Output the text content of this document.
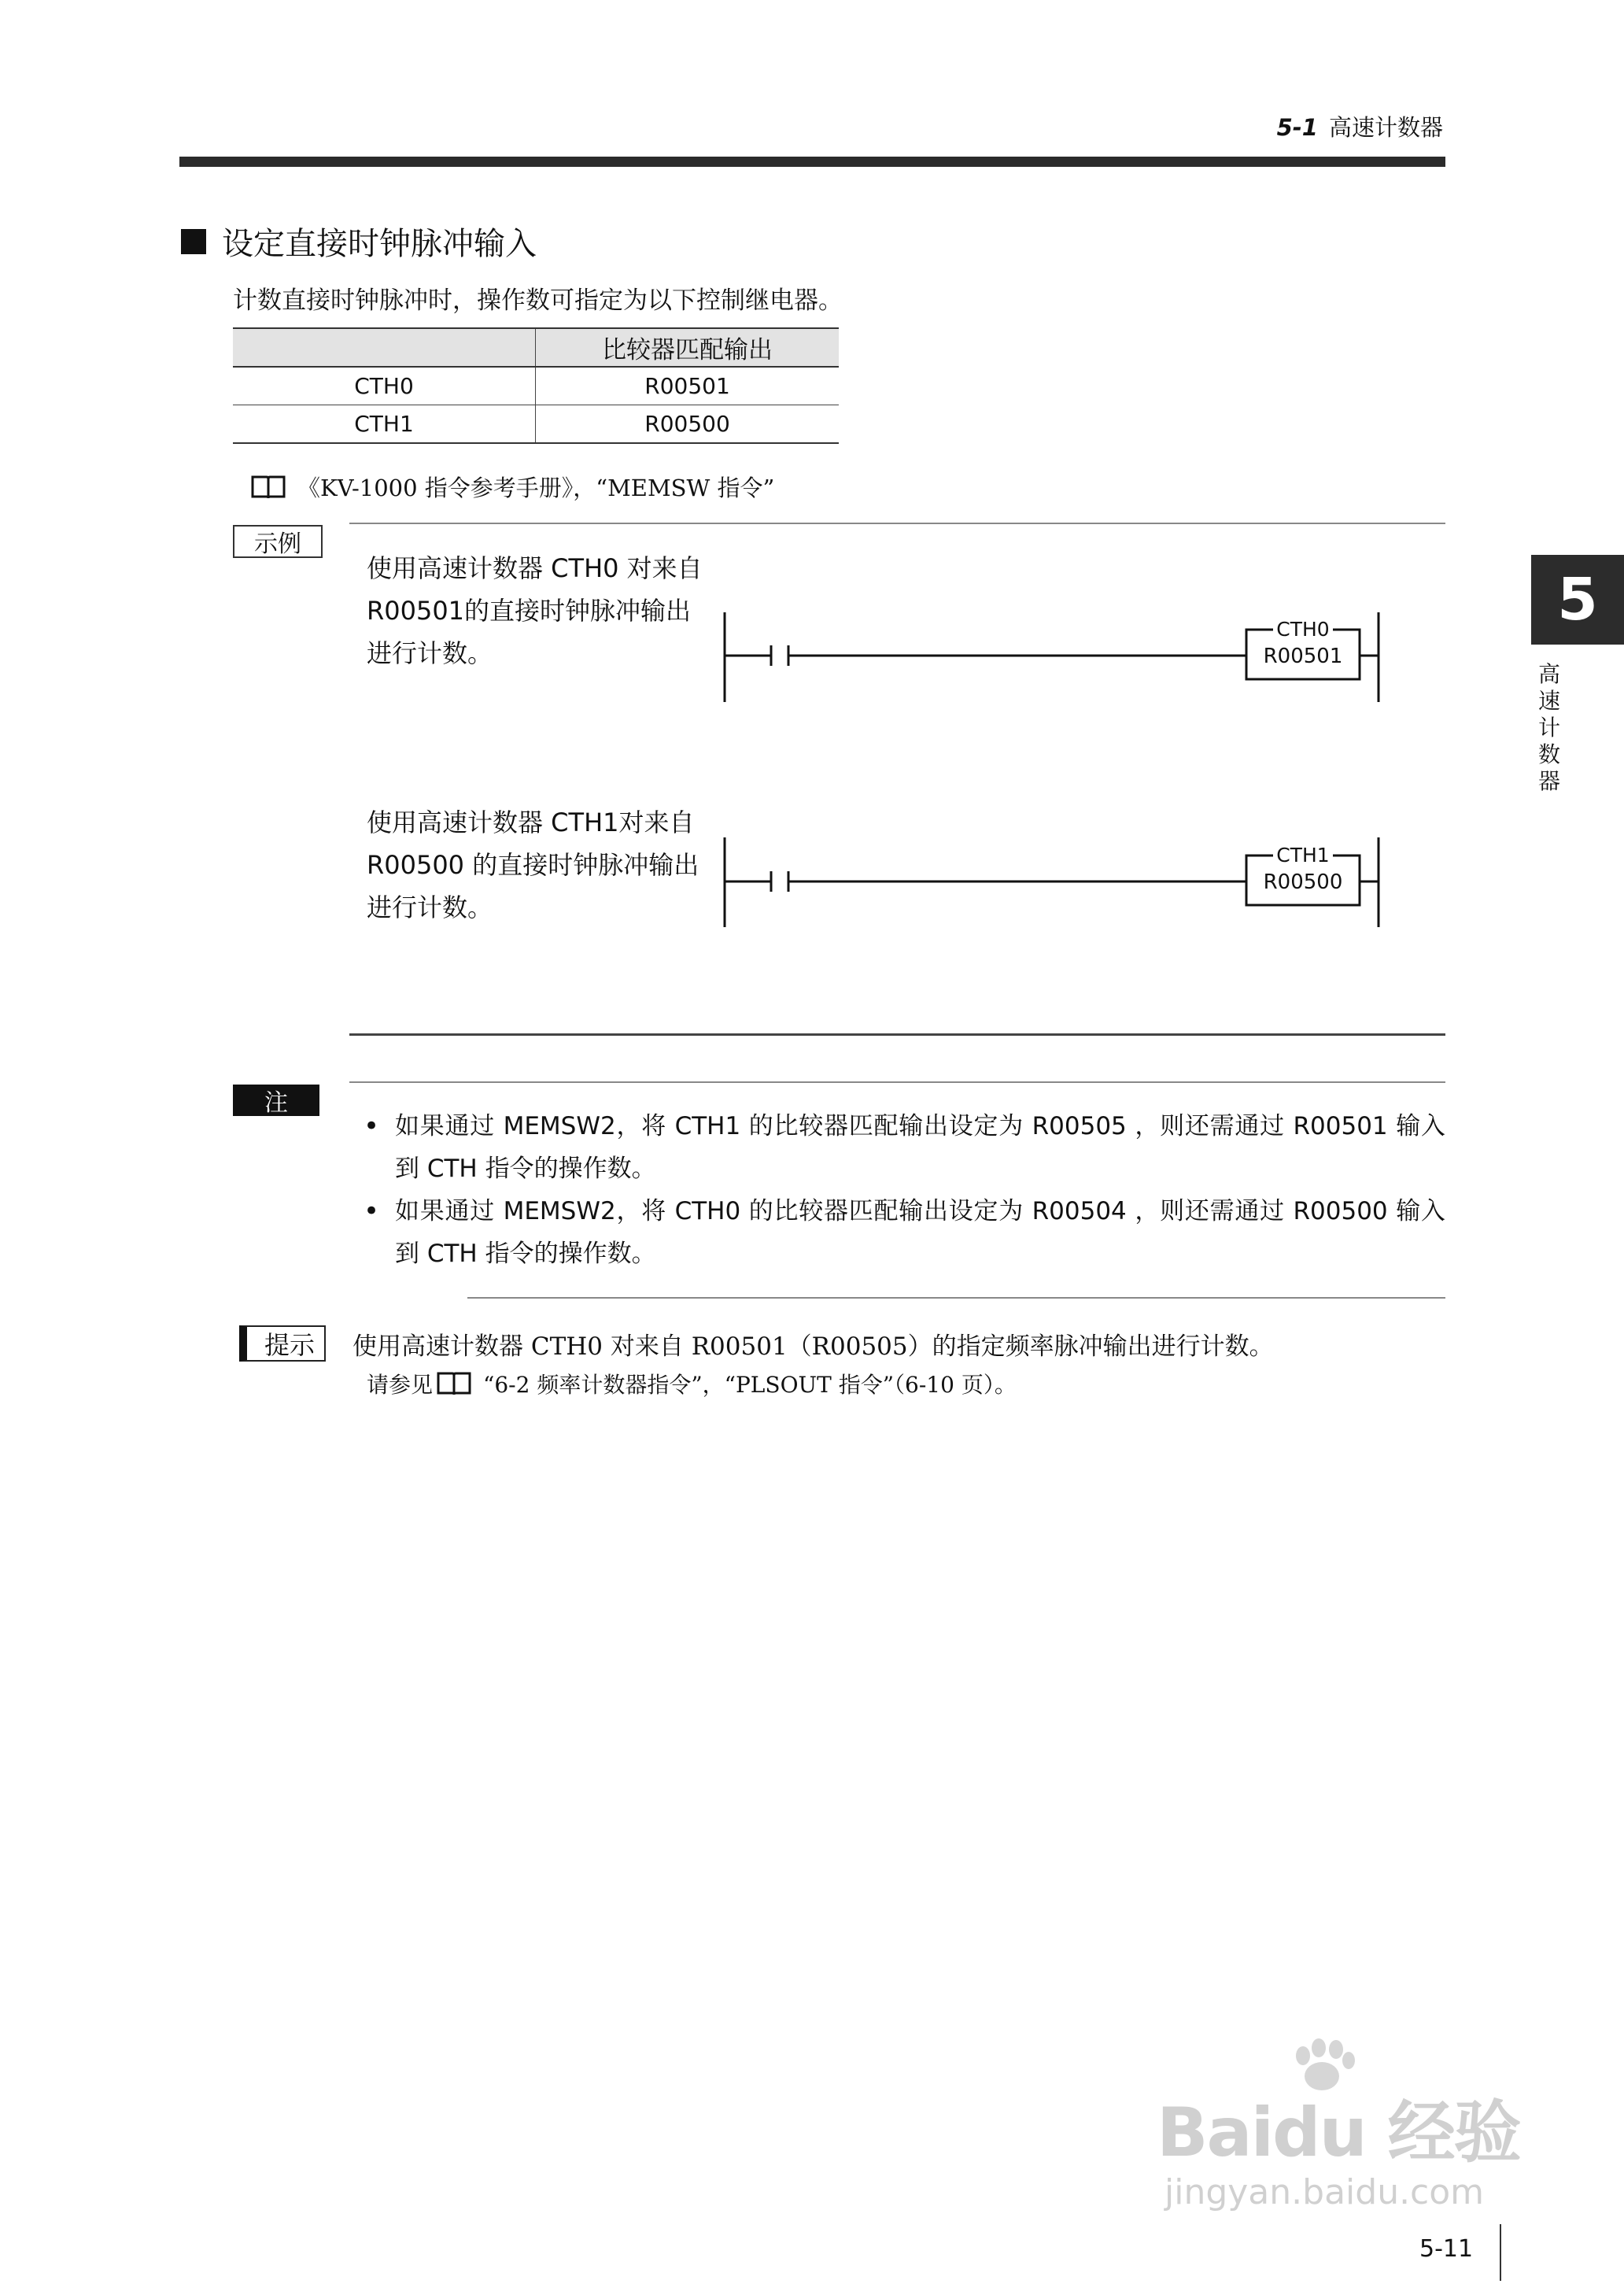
5-1 高速计数器
5
高速计数器
设定直接时钟脉冲输入
计数直接时钟脉冲时，操作数可指定为以下控制继电器。
	比较器匹配输出
CTH0	R00501
CTH1	R00500
《KV-1000 指令参考手册》，“MEMSW 指令”
示例
使用高速计数器 CTH0 对来自R00501的直接时钟脉冲输出进行计数。
CTH0
R00501
使用高速计数器 CTH1对来自 R00500 的直接时钟脉冲输出进行计数。
CTH1
R00500
注
• 如果通过 MEMSW2，将 CTH1 的比较器匹配输出设定为 R00505 ，则还需通过 R00501 输入到 CTH 指令的操作数。
• 如果通过 MEMSW2，将 CTH0 的比较器匹配输出设定为 R00504 ，则还需通过 R00500 输入到 CTH 指令的操作数。
提示 使用高速计数器 CTH0 对来自 R00501（R00505）的指定频率脉冲输出进行计数。
请参见 “6-2 频率计数器指令”，“PLSOUT 指令”（6-10 页）。
Baidu 经验
jingyan.baidu.com
5-11
